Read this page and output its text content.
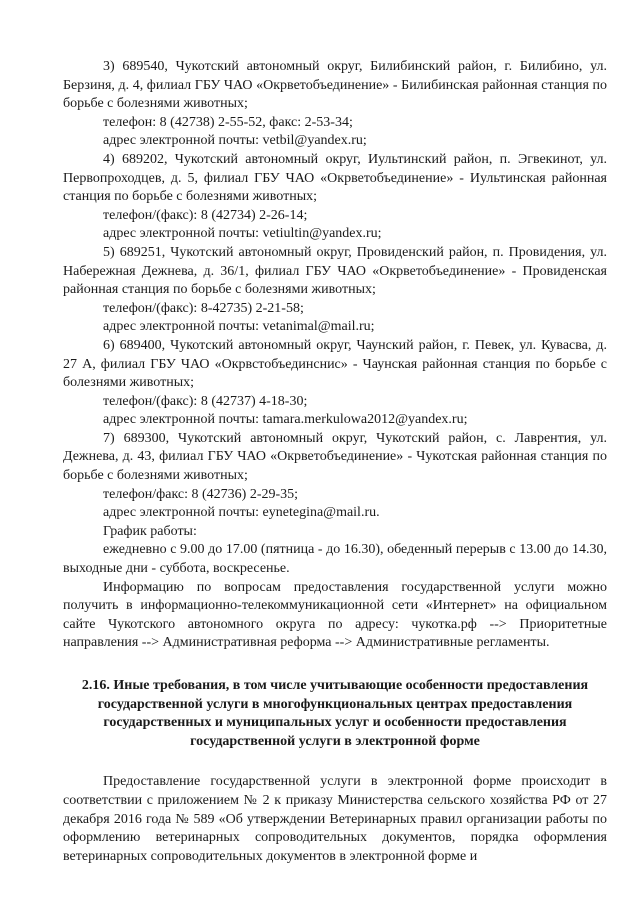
3) 689540, Чукотский автономный округ, Билибинский район, г. Билибино, ул. Берзиня, д. 4, филиал ГБУ ЧАО «Окрветобъединение» - Билибинская районная станция по борьбе с болезнями животных;

телефон: 8 (42738) 2-55-52, факс: 2-53-34;

адрес электронной почты: vetbil@yandex.ru;

4) 689202, Чукотский автономный округ, Иультинский район, п. Эгвекинот, ул. Первопроходцев, д. 5, филиал ГБУ ЧАО «Окрветобъединение» - Иультинская районная станция по борьбе с болезнями животных;

телефон/(факс): 8 (42734) 2-26-14;

адрес электронной почты: vetiultin@yandex.ru;

5) 689251, Чукотский автономный округ, Провиденский район, п. Провидения, ул. Набережная Дежнева, д. 36/1, филиал ГБУ ЧАО «Окрветобъединение» - Провиденская районная станция по борьбе с болезнями животных;

телефон/(факс): 8-42735) 2-21-58;

адрес электронной почты: vetanimal@mail.ru;

6) 689400, Чукотский автономный округ, Чаунский район, г. Певек, ул. Кувасва, д. 27 А, филиал ГБУ ЧАО «Окрвстобъединснис» - Чаунская районная станция по борьбе с болезнями животных;

телефон/(факс): 8 (42737) 4-18-30;

адрес электронной почты: tamara.merkulowa2012@yandex.ru;

7) 689300, Чукотский автономный округ, Чукотский район, с. Лаврентия, ул. Дежнева, д. 43, филиал ГБУ ЧАО «Окрветобъединение» - Чукотская районная станция по борьбе с болезнями животных;

телефон/факс: 8 (42736) 2-29-35;

адрес электронной почты: eynetegina@mail.ru.

График работы:

ежедневно с 9.00 до 17.00 (пятница - до 16.30), обеденный перерыв с 13.00 до 14.30, выходные дни - суббота, воскресенье.

Информацию по вопросам предоставления государственной услуги можно получить в информационно-телекоммуникационной сети «Интернет» на официальном сайте Чукотского автономного округа по адресу: чукотка.рф --> Приоритетные направления --> Административная реформа --> Административные регламенты.

2.16. Иные требования, в том числе учитывающие особенности предоставления
государственной услуги в многофункциональных центрах предоставления
государственных и муниципальных услуг и особенности предоставления
государственной услуги в электронной форме

Предоставление государственной услуги в электронной форме происходит в соответствии с приложением № 2 к приказу Министерства сельского хозяйства РФ от 27 декабря 2016 года № 589 «Об утверждении Ветеринарных правил организации работы по оформлению ветеринарных сопроводительных документов, порядка оформления ветеринарных сопроводительных документов в электронной форме и
